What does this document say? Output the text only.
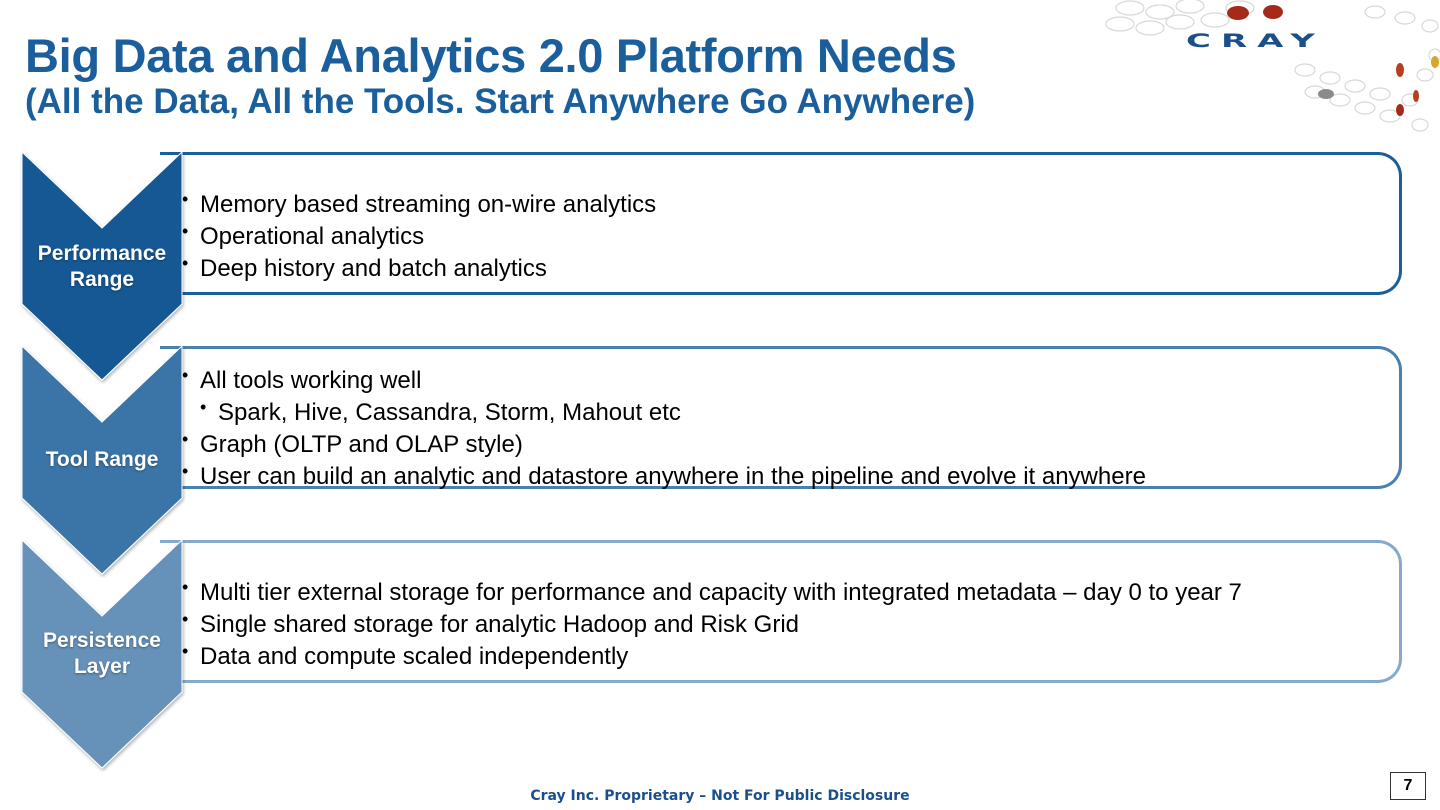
Big Data and Analytics 2.0 Platform Needs
(All the Data, All the Tools. Start Anywhere Go Anywhere)
CRAY
• Memory based streaming on-wire analytics
• Operational analytics
• Deep history and batch analytics
Performance
Range
• All tools working well
• Spark, Hive, Cassandra, Storm, Mahout etc
• Graph (OLTP and OLAP style)
• User can build an analytic and datastore anywhere in the pipeline and evolve it anywhere
Tool Range
• Multi tier external storage for performance and capacity with integrated metadata – day 0 to year 7
• Single shared storage for analytic Hadoop and Risk Grid
• Data and compute scaled independently
Persistence
Layer
Cray Inc. Proprietary – Not For Public Disclosure
7
